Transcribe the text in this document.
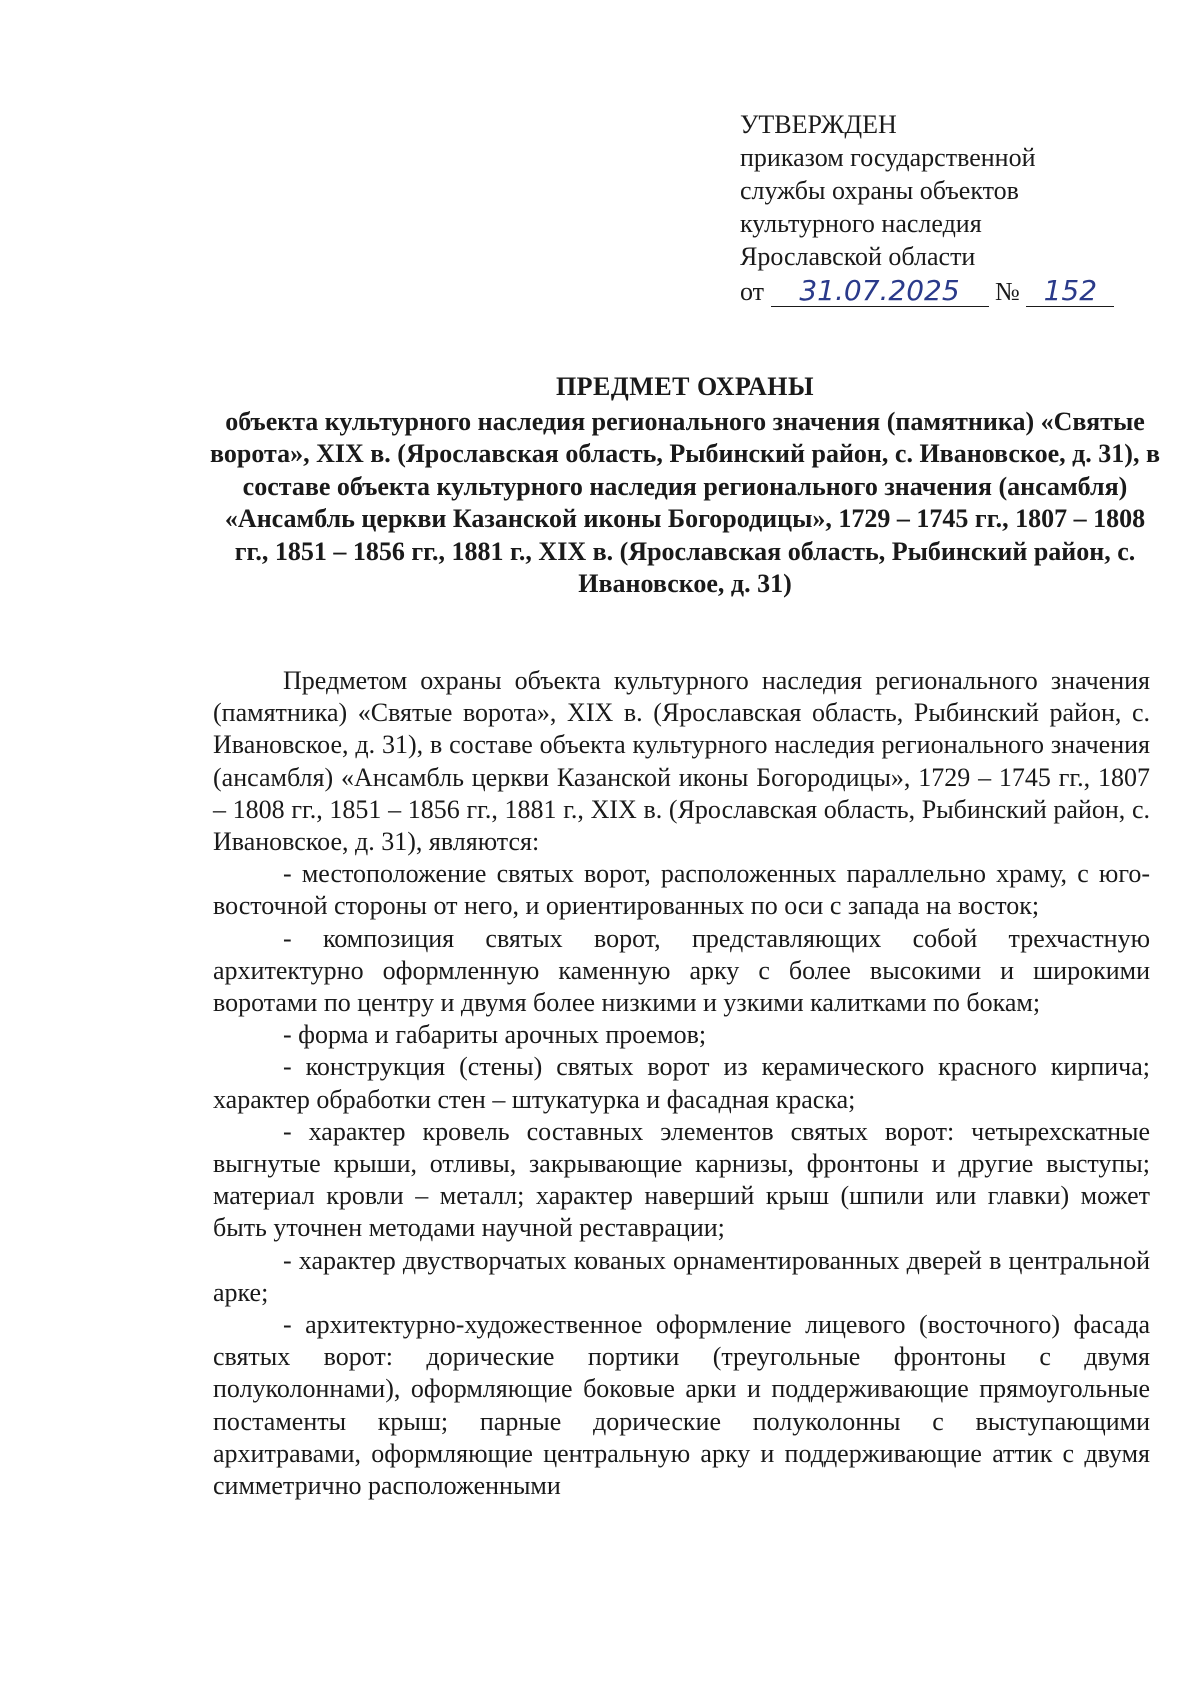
УТВЕРЖДЕН
приказом государственной
службы охраны объектов
культурного наследия
Ярославской области
от 31.07.2025 № 152
ПРЕДМЕТ ОХРАНЫ
объекта культурного наследия регионального значения (памятника) «Святые ворота», XIX в. (Ярославская область, Рыбинский район, с. Ивановское, д. 31), в составе объекта культурного наследия регионального значения (ансамбля) «Ансамбль церкви Казанской иконы Богородицы», 1729 – 1745 гг., 1807 – 1808 гг., 1851 – 1856 гг., 1881 г., XIX в. (Ярославская область, Рыбинский район, с. Ивановское, д. 31)

Предметом охраны объекта культурного наследия регионального значения (памятника) «Святые ворота», XIX в. (Ярославская область, Рыбинский район, с. Ивановское, д. 31), в составе объекта культурного наследия регионального значения (ансамбля) «Ансамбль церкви Казанской иконы Богородицы», 1729 – 1745 гг., 1807 – 1808 гг., 1851 – 1856 гг., 1881 г., XIX в. (Ярославская область, Рыбинский район, с. Ивановское, д. 31), являются:

- местоположение святых ворот, расположенных параллельно храму, с юго-восточной стороны от него, и ориентированных по оси с запада на восток;
- композиция святых ворот, представляющих собой трехчастную архитектурно оформленную каменную арку с более высокими и широкими воротами по центру и двумя более низкими и узкими калитками по бокам;
- форма и габариты арочных проемов;
- конструкция (стены) святых ворот из керамического красного кирпича; характер обработки стен – штукатурка и фасадная краска;
- характер кровель составных элементов святых ворот: четырехскатные выгнутые крыши, отливы, закрывающие карнизы, фронтоны и другие выступы; материал кровли – металл; характер наверший крыш (шпили или главки) может быть уточнен методами научной реставрации;
- характер двустворчатых кованых орнаментированных дверей в центральной арке;
- архитектурно-художественное оформление лицевого (восточного) фасада святых ворот: дорические портики (треугольные фронтоны с двумя полуколоннами), оформляющие боковые арки и поддерживающие прямоугольные постаменты крыш; парные дорические полуколонны с выступающими архитравами, оформляющие центральную арку и поддерживающие аттик с двумя симметрично расположенными
